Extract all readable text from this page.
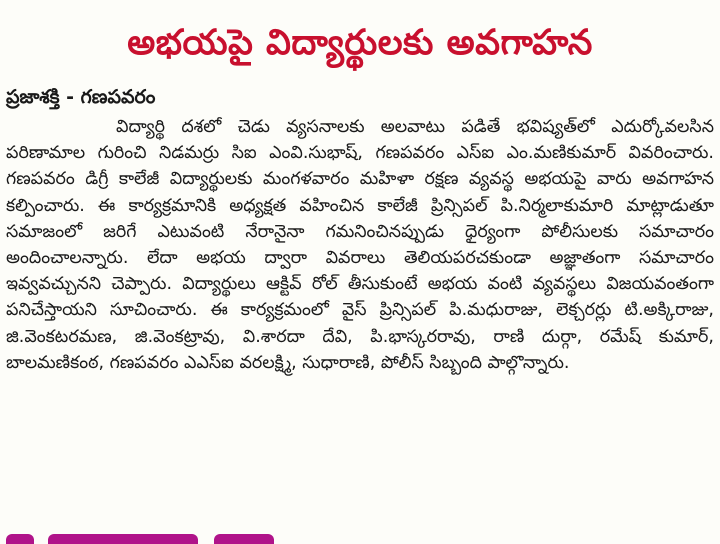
అభయపై విద్యార్థులకు అవగాహన
ప్రజాశక్తి - గణపవరం

విద్యార్థి దశలో చెడు వ్యసనాలకు అలవాటు పడితే భవిష్యత్‌లో ఎదుర్కోవలసిన పరిణామాల గురించి నిడమర్రు సిఐ ఎంవి.సుభాష్‌, గణపవరం ఎస్‌ఐ ఎం.మణికుమార్‌ వివరించారు. గణపవరం డిగ్రీ కాలేజీ విద్యార్థులకు మంగళవారం మహిళా రక్షణ వ్యవస్థ అభయపై వారు అవగాహన కల్పించారు. ఈ కార్యక్రమానికి అధ్యక్షత వహించిన కాలేజీ ప్రిన్సిపల్‌ పి.నిర్మలాకుమారి మాట్లాడుతూ సమాజంలో జరిగే ఎటువంటి నేరానైనా గమనించినప్పుడు ధైర్యంగా పోలీసులకు సమాచారం అందించాలన్నారు. లేదా అభయ ద్వారా వివరాలు తెలియపరచకుండా అజ్ఞాతంగా సమాచారం ఇవ్వవచ్చునని చెప్పారు. విద్యార్థులు ఆక్టివ్‌ రోల్‌ తీసుకుంటే అభయ వంటి వ్యవస్థలు విజయవంతంగా పనిచేస్తాయని సూచించారు. ఈ కార్యక్రమంలో వైస్‌ ప్రిన్సిపల్‌ పి.మధురాజు, లెక్చరర్లు టి.అక్కిరాజు, జి.వెంకటరమణ, జి.వెంకట్రావు, వి.శారదా దేవి, పి.భాస్కరరావు, రాణి దుర్గా, రమేష్‌ కుమార్‌, బాలమణికంఠ, గణపవరం ఎఎస్‌ఐ వరలక్ష్మి, సుధారాణి, పోలీస్‌ సిబ్బంది పాల్గొన్నారు.
